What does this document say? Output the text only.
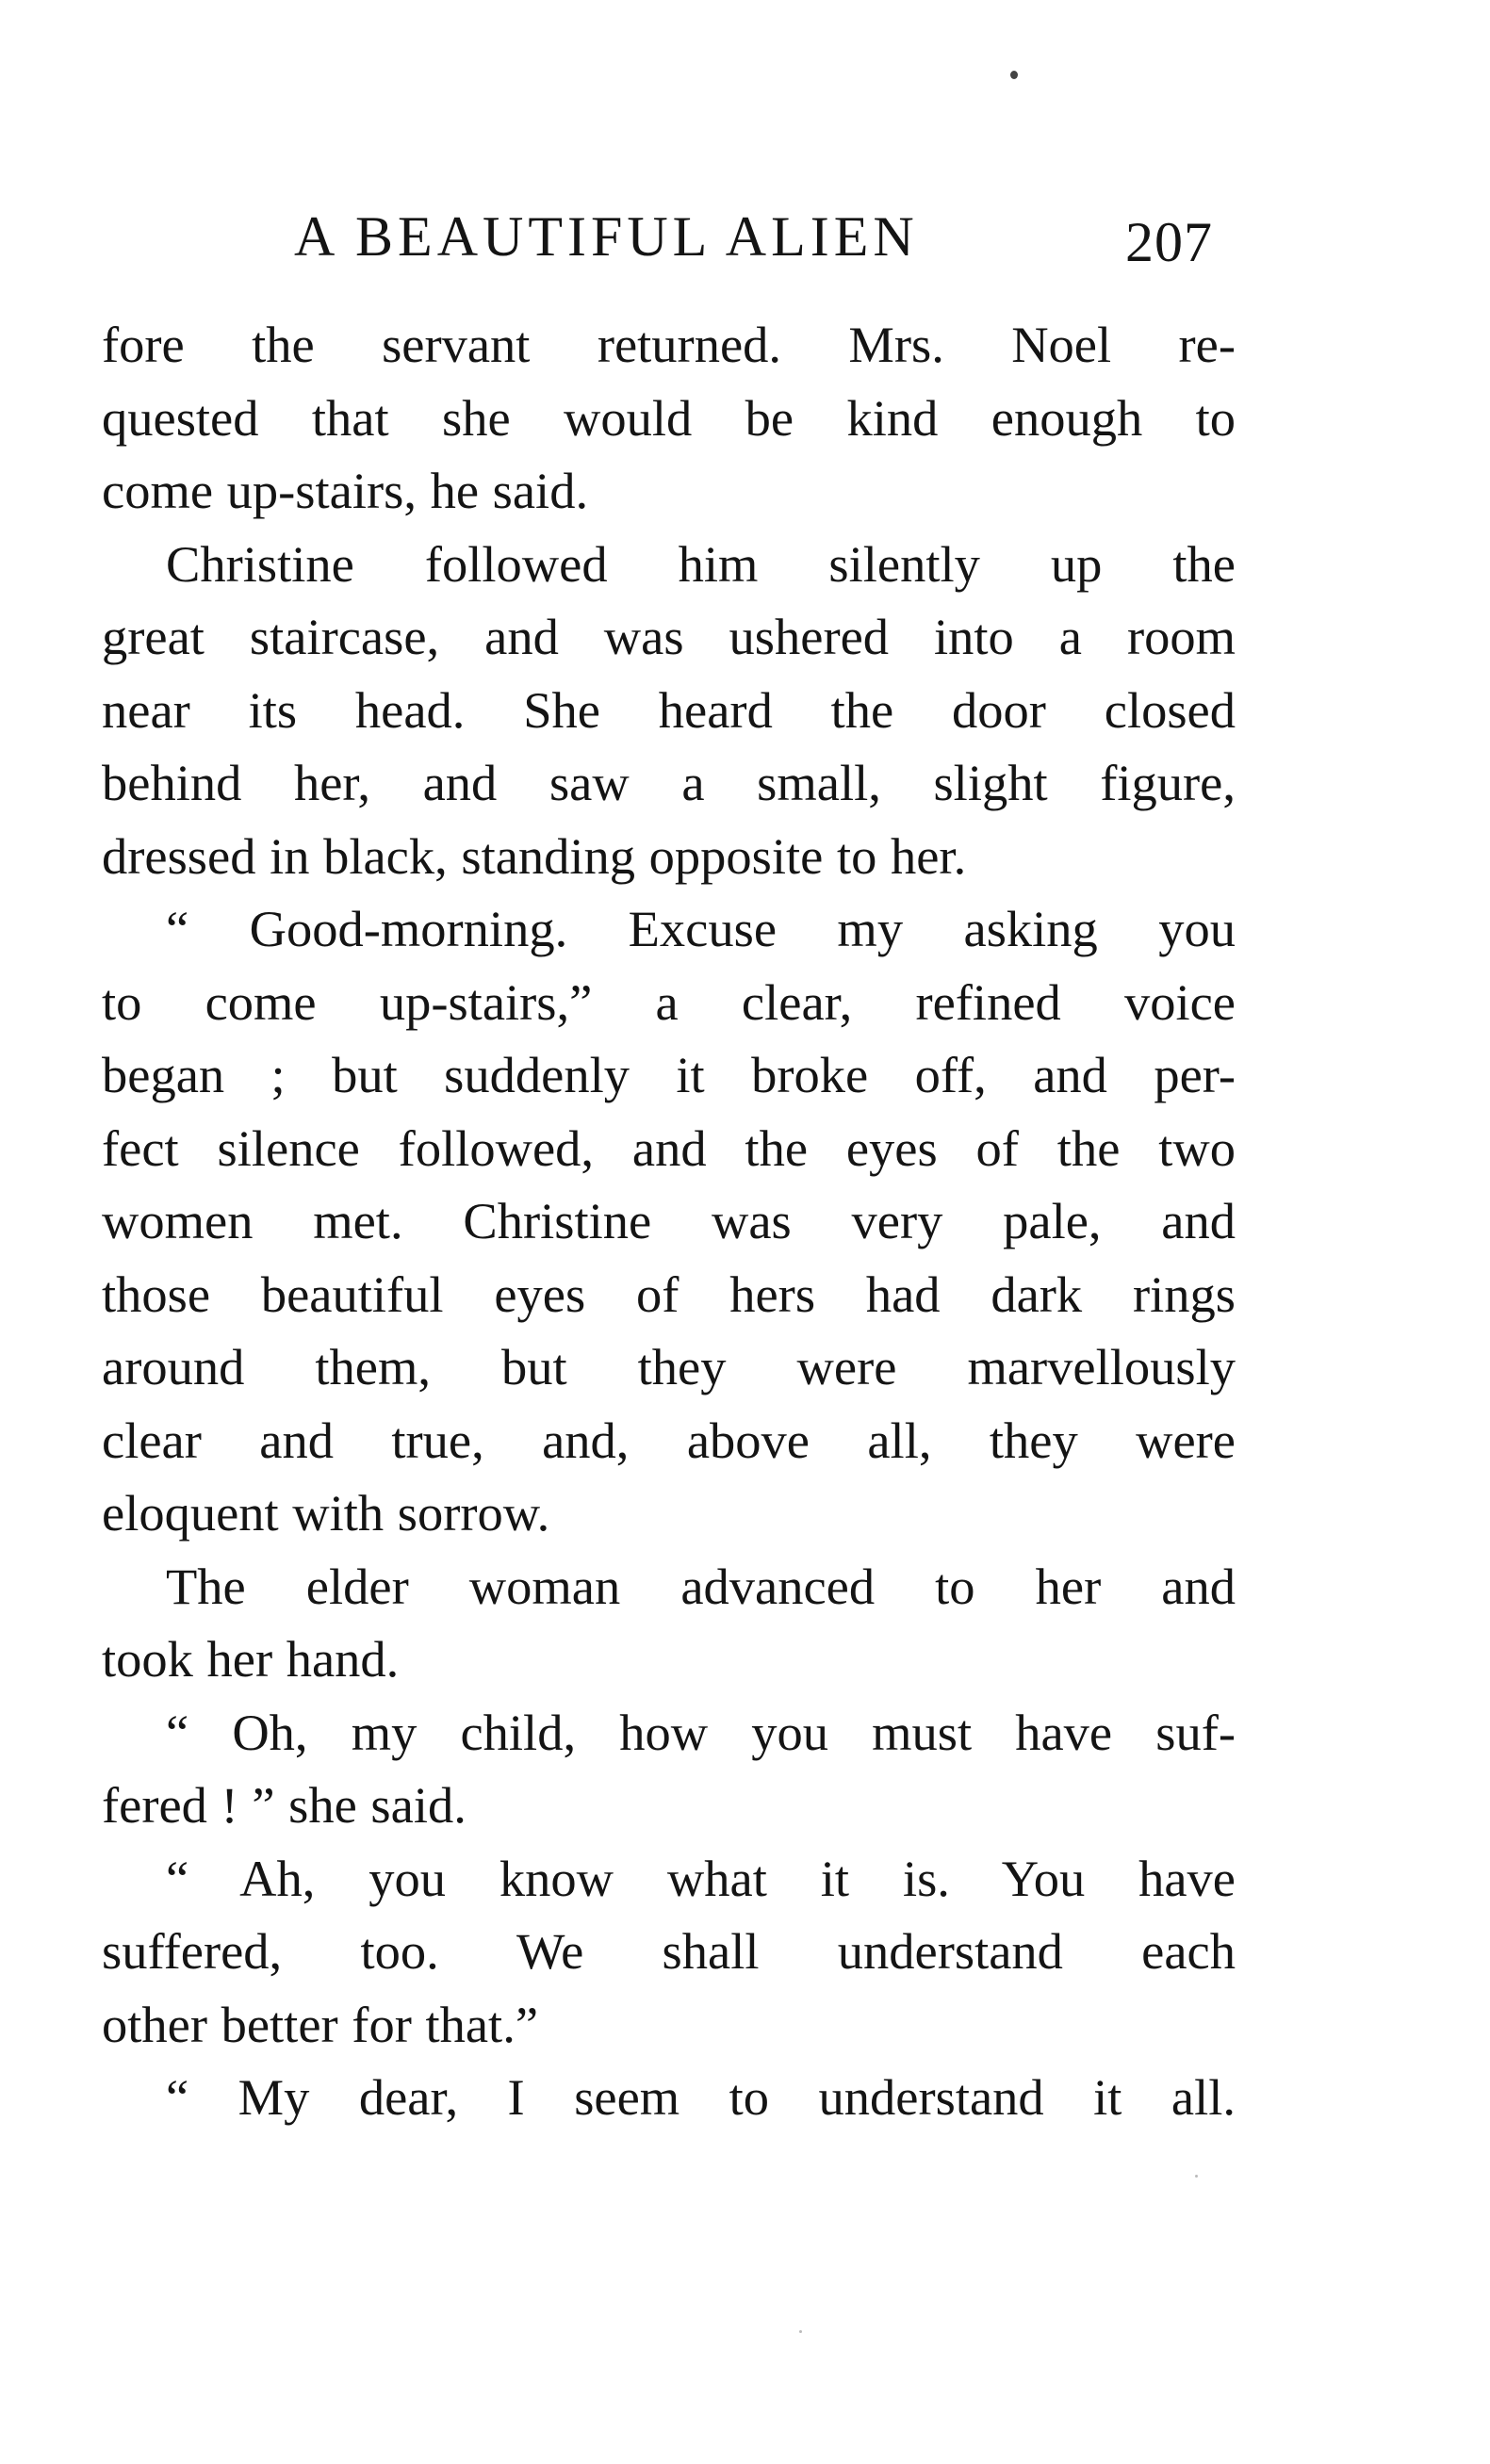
A BEAUTIFUL ALIEN	207
fore the servant returned. Mrs. Noel re-
quested that she would be kind enough to
come up-stairs, he said.
Christine followed him silently up the
great staircase, and was ushered into a room
near its head. She heard the door closed
behind her, and saw a small, slight figure,
dressed in black, standing opposite to her.
“ Good-morning. Excuse my asking you
to come up-stairs,” a clear, refined voice
began ; but suddenly it broke off, and per-
fect silence followed, and the eyes of the two
women met. Christine was very pale, and
those beautiful eyes of hers had dark rings
around them, but they were marvellously
clear and true, and, above all, they were
eloquent with sorrow.
The elder woman advanced to her and
took her hand.
“ Oh, my child, how you must have suf-
fered ! ” she said.
“ Ah, you know what it is. You have
suffered, too. We shall understand each
other better for that.”
“ My dear, I seem to understand it all.
